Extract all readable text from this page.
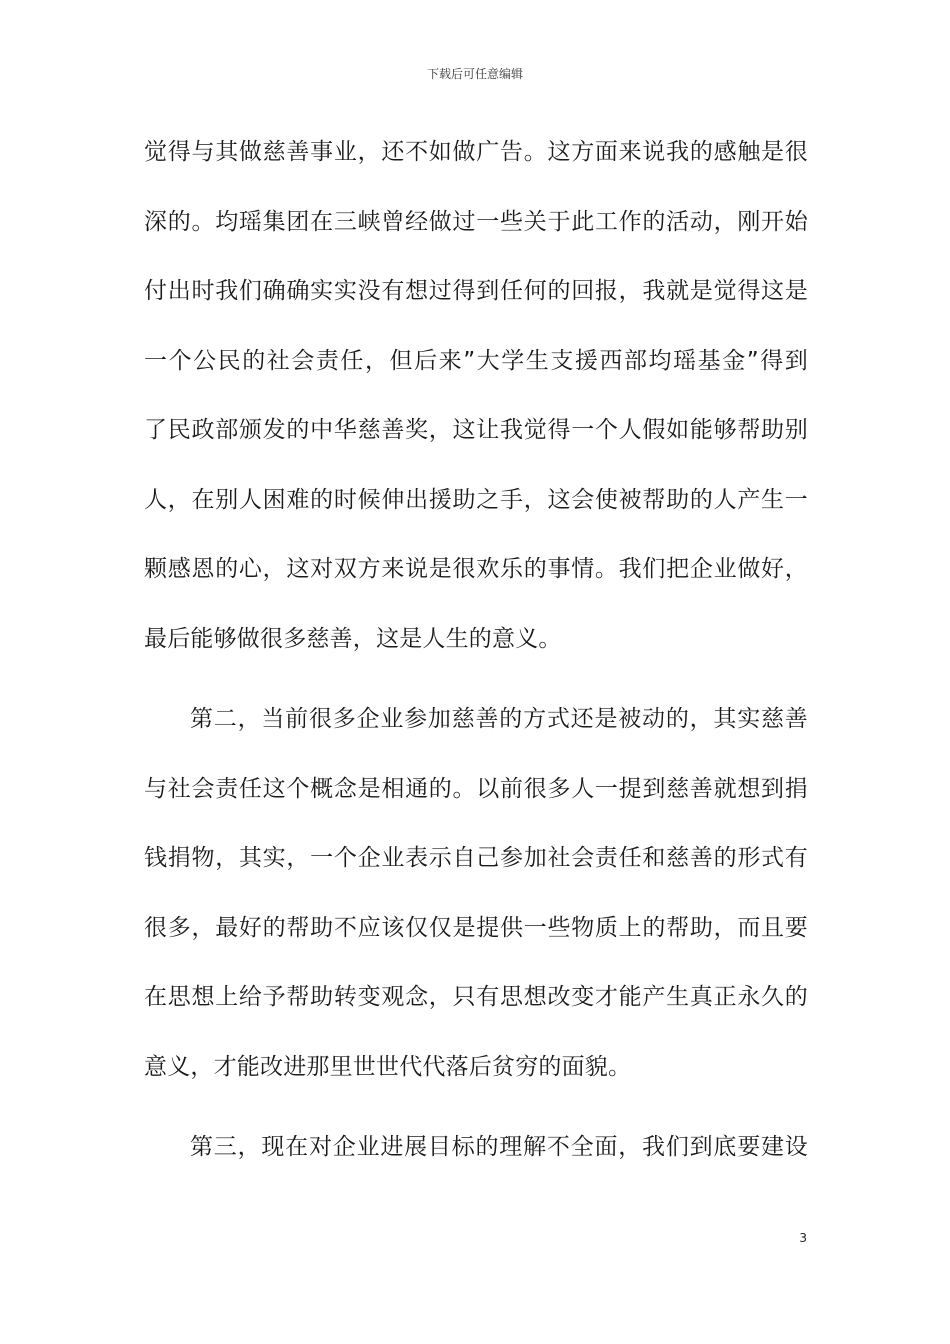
下载后可任意编辑
觉得与其做慈善事业，还不如做广告。这方面来说我的感触是很
深的。均瑶集团在三峡曾经做过一些关于此工作的活动，刚开始
付出时我们确确实实没有想过得到任何的回报，我就是觉得这是
一个公民的社会责任，但后来”大学生支援西部均瑶基金”得到
了民政部颁发的中华慈善奖，这让我觉得一个人假如能够帮助别
人，在别人困难的时候伸出援助之手，这会使被帮助的人产生一
颗感恩的心，这对双方来说是很欢乐的事情。我们把企业做好，
最后能够做很多慈善，这是人生的意义。
第二，当前很多企业参加慈善的方式还是被动的，其实慈善
与社会责任这个概念是相通的。以前很多人一提到慈善就想到捐
钱捐物，其实，一个企业表示自己参加社会责任和慈善的形式有
很多，最好的帮助不应该仅仅是提供一些物质上的帮助，而且要
在思想上给予帮助转变观念，只有思想改变才能产生真正永久的
意义，才能改进那里世世代代落后贫穷的面貌。
第三，现在对企业进展目标的理解不全面，我们到底要建设
3
